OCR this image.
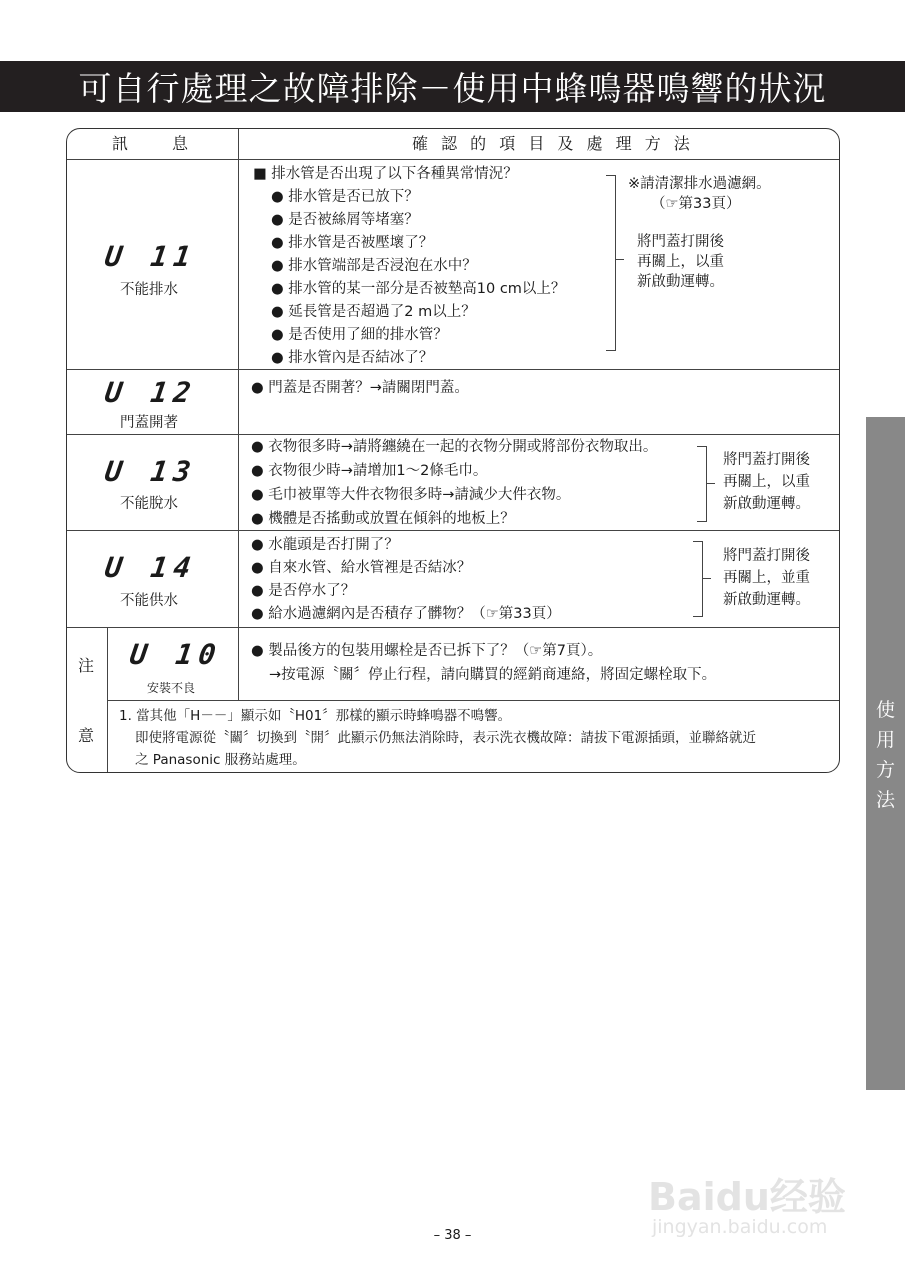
可自行處理之故障排除－使用中蜂鳴器鳴響的狀況
訊　　息	確 認 的 項 目 及 處 理 方 法
U 11
不能排水
■ 排水管是否出現了以下各種異常情況？
● 排水管是否已放下？
● 是否被絲屑等堵塞？
● 排水管是否被壓壞了？
● 排水管端部是否浸泡在水中？
● 排水管的某一部分是否被墊高10 cm以上？
● 延長管是否超過了2 m以上？
● 是否使用了細的排水管？
● 排水管內是否結冰了？
※請清潔排水過濾網。
（☞第33頁）
將門蓋打開後
再關上，以重
新啟動運轉。
U 12
門蓋開著
● 門蓋是否開著？→請關閉門蓋。
U 13
不能脫水
● 衣物很多時→請將纏繞在一起的衣物分開或將部份衣物取出。
● 衣物很少時→請增加1～2條毛巾。
● 毛巾被單等大件衣物很多時→請減少大件衣物。
● 機體是否搖動或放置在傾斜的地板上？
將門蓋打開後
再關上，以重
新啟動運轉。
U 14
不能供水
● 水龍頭是否打開了？
● 自來水管、給水管裡是否結冰？
● 是否停水了？
● 給水過濾網內是否積存了髒物？（☞第33頁）
將門蓋打開後
再關上，並重
新啟動運轉。
注
意
U 10
安裝不良
● 製品後方的包裝用螺栓是否已拆下了？（☞第7頁）。
→按電源〝關〞停止行程，請向購買的經銷商連絡，將固定螺栓取下。
1. 當其他「H－－」顯示如〝H01〞那樣的顯示時蜂鳴器不鳴響。
即使將電源從〝關〞切換到〝開〞此顯示仍無法消除時，表示洗衣機故障：請拔下電源插頭，並聯絡就近
之 Panasonic 服務站處理。
使
用
方
法
Baidu经验
jingyan.baidu.com
– 38 –
